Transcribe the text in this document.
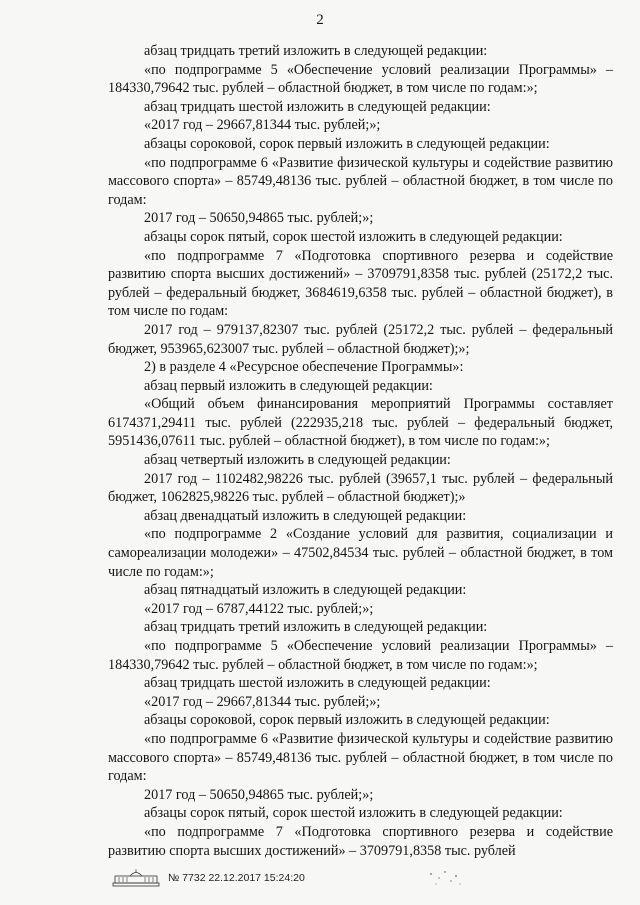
2

абзац тридцать третий изложить в следующей редакции:

«по подпрограмме 5 «Обеспечение условий реализации Программы» – 184330,79642 тыс. рублей – областной бюджет, в том числе по годам:»;

абзац тридцать шестой изложить в следующей редакции:

«2017 год – 29667,81344 тыс. рублей;»;

абзацы сороковой, сорок первый изложить в следующей редакции:

«по подпрограмме 6 «Развитие физической культуры и содействие развитию массового спорта» – 85749,48136 тыс. рублей – областной бюджет, в том числе по годам:

2017 год – 50650,94865 тыс. рублей;»;

абзацы сорок пятый, сорок шестой изложить в следующей редакции:

«по подпрограмме 7 «Подготовка спортивного резерва и содействие развитию спорта высших достижений» – 3709791,8358 тыс. рублей (25172,2 тыс. рублей – федеральный бюджет, 3684619,6358 тыс. рублей – областной бюджет), в том числе по годам:

2017 год – 979137,82307 тыс. рублей (25172,2 тыс. рублей – федеральный бюджет, 953965,623007 тыс. рублей – областной бюджет);»;

2) в разделе 4 «Ресурсное обеспечение Программы»:

абзац первый изложить в следующей редакции:

«Общий объем финансирования мероприятий Программы составляет 6174371,29411 тыс. рублей (222935,218 тыс. рублей – федеральный бюджет, 5951436,07611 тыс. рублей – областной бюджет), в том числе по годам:»;

абзац четвертый изложить в следующей редакции:

2017 год – 1102482,98226 тыс. рублей (39657,1 тыс. рублей – федеральный бюджет, 1062825,98226 тыс. рублей – областной бюджет);»

абзац двенадцатый изложить в следующей редакции:

«по подпрограмме 2 «Создание условий для развития, социализации и самореализации молодежи» – 47502,84534 тыс. рублей – областной бюджет, в том числе по годам:»;

абзац пятнадцатый изложить в следующей редакции:

«2017 год – 6787,44122 тыс. рублей;»;

абзац тридцать третий изложить в следующей редакции:

«по подпрограмме 5 «Обеспечение условий реализации Программы» – 184330,79642 тыс. рублей – областной бюджет, в том числе по годам:»;

абзац тридцать шестой изложить в следующей редакции:

«2017 год – 29667,81344 тыс. рублей;»;

абзацы сороковой, сорок первый изложить в следующей редакции:

«по подпрограмме 6 «Развитие физической культуры и содействие развитию массового спорта» – 85749,48136 тыс. рублей – областной бюджет, в том числе по годам:

2017 год – 50650,94865 тыс. рублей;»;

абзацы сорок пятый, сорок шестой изложить в следующей редакции:

«по подпрограмме 7 «Подготовка спортивного резерва и содействие развитию спорта высших достижений» – 3709791,8358 тыс. рублей

№ 7732 22.12.2017 15:24:20
